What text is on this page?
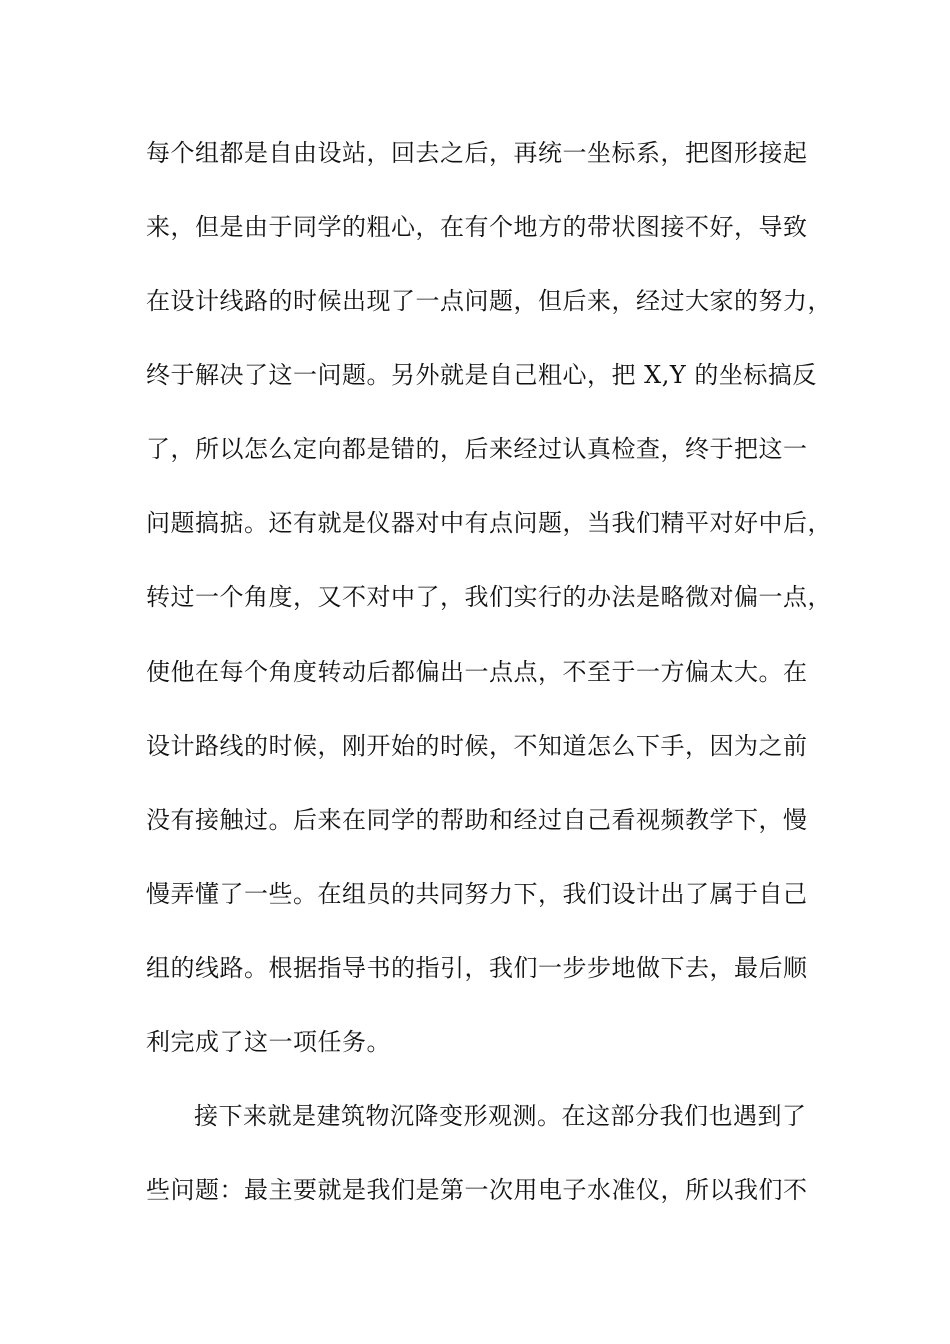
每个组都是自由设站，回去之后，再统一坐标系，把图形接起
来，但是由于同学的粗心，在有个地方的带状图接不好，导致
在设计线路的时候出现了一点问题，但后来，经过大家的努力，
终于解决了这一问题。另外就是自己粗心，把 X,Y 的坐标搞反
了，所以怎么定向都是错的，后来经过认真检查，终于把这一
问题搞掂。还有就是仪器对中有点问题，当我们精平对好中后，
转过一个角度，又不对中了，我们实行的办法是略微对偏一点，
使他在每个角度转动后都偏出一点点，不至于一方偏太大。在
设计路线的时候，刚开始的时候，不知道怎么下手，因为之前
没有接触过。后来在同学的帮助和经过自己看视频教学下，慢
慢弄懂了一些。在组员的共同努力下，我们设计出了属于自己
组的线路。根据指导书的指引，我们一步步地做下去，最后顺
利完成了这一项任务。
接下来就是建筑物沉降变形观测。在这部分我们也遇到了
些问题：最主要就是我们是第一次用电子水准仪，所以我们不
